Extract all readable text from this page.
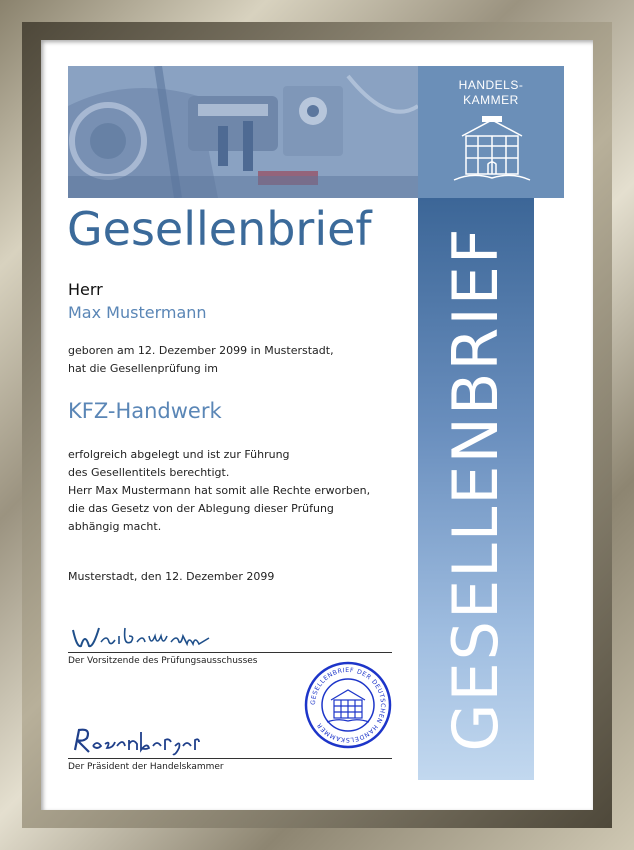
HANDELS-
KAMMER
GESELLENBRIEF
Gesellenbrief
Herr
Max Mustermann
geboren am 12. Dezember 2099 in Musterstadt,
hat die Gesellenprüfung im
KFZ-Handwerk
erfolgreich abgelegt und ist zur Führung
des Gesellentitels berechtigt.
Herr Max Mustermann hat somit alle Rechte erworben,
die das Gesetz von der Ablegung dieser Prüfung
abhängig macht.
Musterstadt, den 12. Dezember 2099
Der Vorsitzende des Prüfungsausschusses
Der Präsident der Handelskammer
GESELLENBRIEF DER DEUTSCHEN HANDELSKAMMER
